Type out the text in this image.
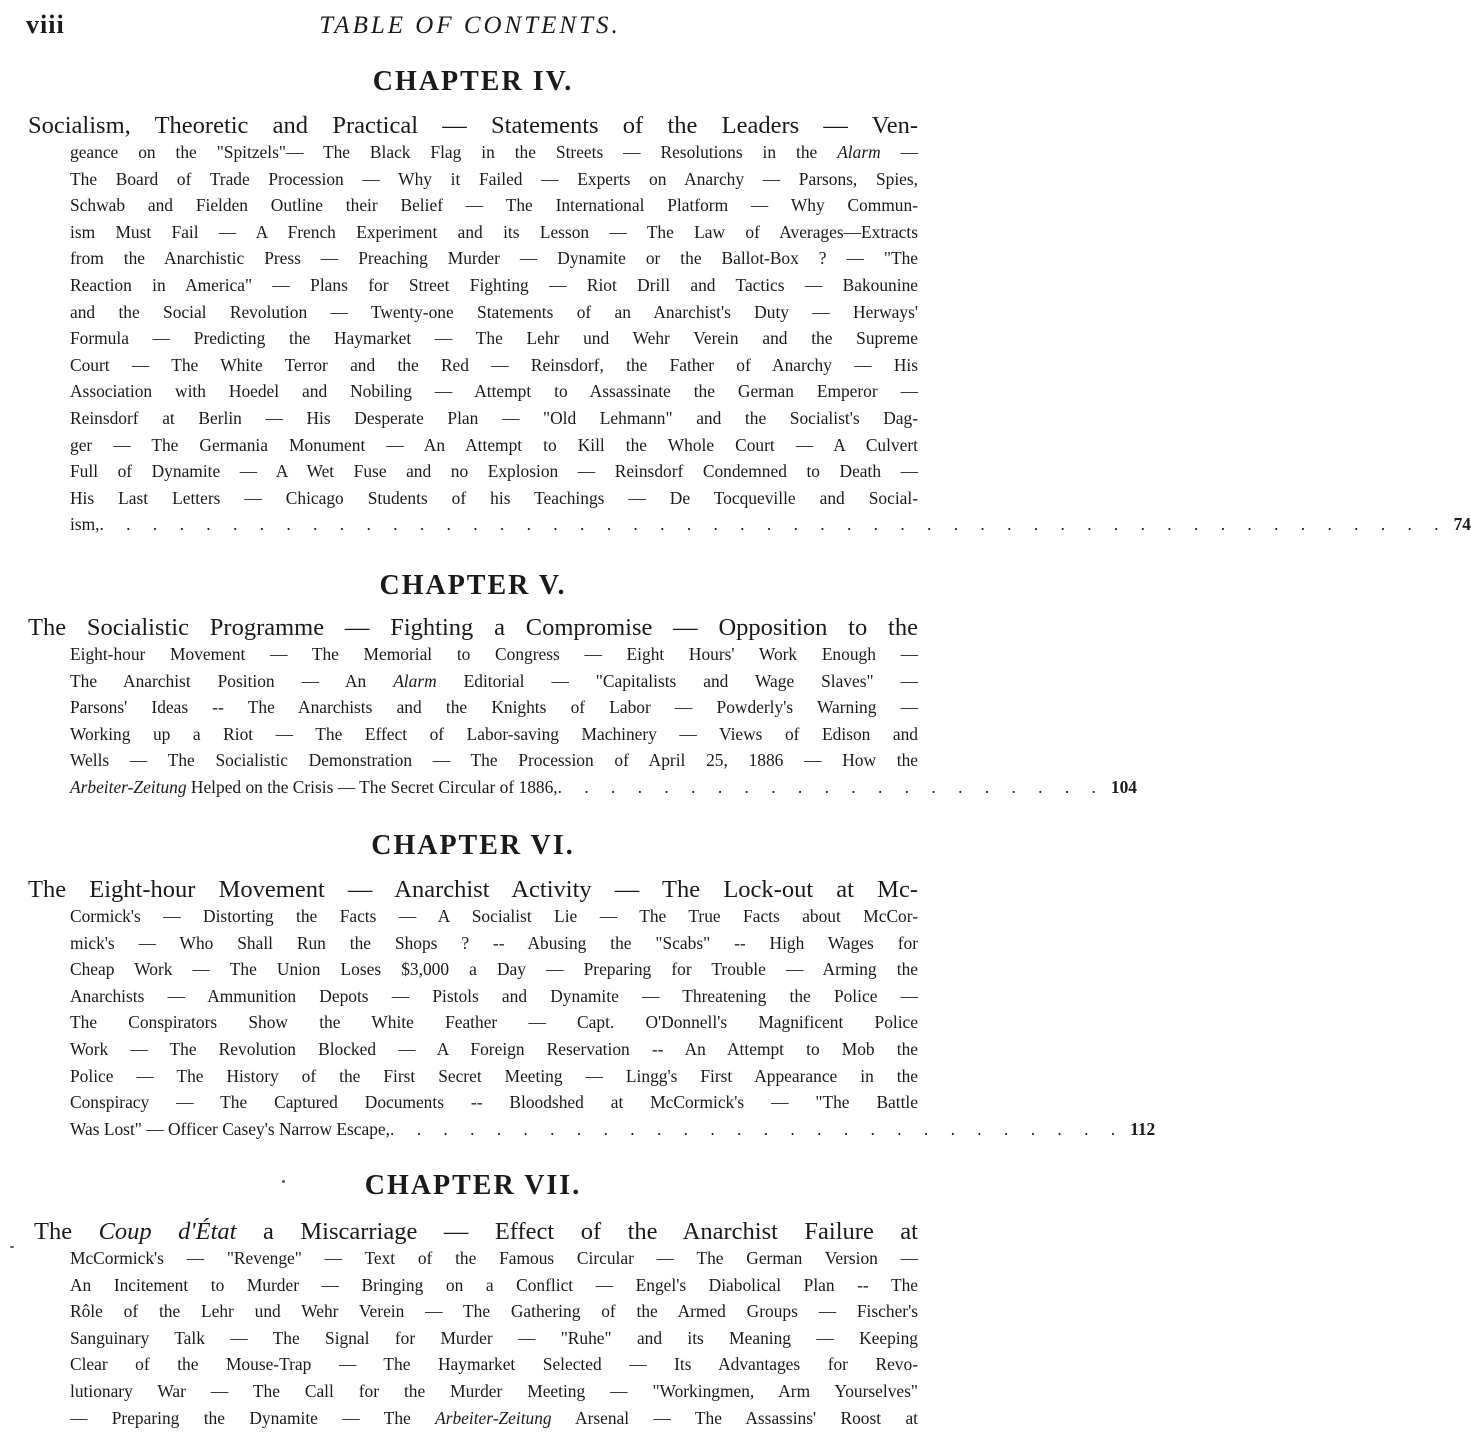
viii	TABLE OF CONTENTS.
CHAPTER IV.
Socialism, Theoretic and Practical — Statements of the Leaders — Ven-
geance on the "Spitzels"— The Black Flag in the Streets — Resolutions in the Alarm —
The Board of Trade Procession — Why it Failed — Experts on Anarchy — Parsons, Spies,
Schwab and Fielden Outline their Belief — The International Platform — Why Commun-
ism Must Fail — A French Experiment and its Lesson — The Law of Averages—Extracts
from the Anarchistic Press — Preaching Murder — Dynamite or the Ballot-Box ? — "The
Reaction in America" — Plans for Street Fighting — Riot Drill and Tactics — Bakounine
and the Social Revolution — Twenty-one Statements of an Anarchist's Duty — Herways'
Formula — Predicting the Haymarket — The Lehr und Wehr Verein and the Supreme
Court — The White Terror and the Red — Reinsdorf, the Father of Anarchy — His
Association with Hoedel and Nobiling — Attempt to Assassinate the German Emperor —
Reinsdorf at Berlin — His Desperate Plan — "Old Lehmann" and the Socialist's Dag-
ger — The Germania Monument — An Attempt to Kill the Whole Court — A Culvert
Full of Dynamite — A Wet Fuse and no Explosion — Reinsdorf Condemned to Death —
His Last Letters — Chicago Students of his Teachings — De Tocqueville and Social-
ism, . . . . . . . . . . . . . . . . . . . . . . . . . . . . . . . . . . . . . . . . . . . . . . . . . . . 74
CHAPTER V.
The Socialistic Programme — Fighting a Compromise — Opposition to the
Eight-hour Movement — The Memorial to Congress — Eight Hours' Work Enough —
The Anarchist Position — An Alarm Editorial — "Capitalists and Wage Slaves" —
Parsons' Ideas -- The Anarchists and the Knights of Labor — Powderly's Warning —
Working up a Riot — The Effect of Labor-saving Machinery — Views of Edison and
Wells — The Socialistic Demonstration — The Procession of April 25, 1886 — How the
Arbeiter-Zeitung Helped on the Crisis — The Secret Circular of 1886, . . . . . . . . . . . . . . . . . . . . . 104
CHAPTER VI.
The Eight-hour Movement — Anarchist Activity — The Lock-out at Mc-
Cormick's — Distorting the Facts — A Socialist Lie — The True Facts about McCor-
mick's — Who Shall Run the Shops ? -- Abusing the "Scabs" -- High Wages for
Cheap Work — The Union Loses $3,000 a Day — Preparing for Trouble — Arming the
Anarchists — Ammunition Depots — Pistols and Dynamite — Threatening the Police —
The Conspirators Show the White Feather — Capt. O'Donnell's Magnificent Police
Work — The Revolution Blocked — A Foreign Reservation -- An Attempt to Mob the
Police — The History of the First Secret Meeting — Lingg's First Appearance in the
Conspiracy — The Captured Documents -- Bloodshed at McCormick's — "The Battle
Was Lost" — Officer Casey's Narrow Escape, . . . . . . . . . . . . . . . . . . . . . . . . . . . . 112
CHAPTER VII.
The Coup d'État a Miscarriage — Effect of the Anarchist Failure at
McCormick's — "Revenge" — Text of the Famous Circular — The German Version —
An Incitement to Murder — Bringing on a Conflict — Engel's Diabolical Plan -- The
Rôle of the Lehr und Wehr Verein — The Gathering of the Armed Groups — Fischer's
Sanguinary Talk — The Signal for Murder — "Ruhe" and its Meaning — Keeping
Clear of the Mouse-Trap — The Haymarket Selected — Its Advantages for Revo-
lutionary War — The Call for the Murder Meeting — "Workingmen, Arm Yourselves"
— Preparing the Dynamite — The Arbeiter-Zeitung Arsenal — The Assassins' Roost at
